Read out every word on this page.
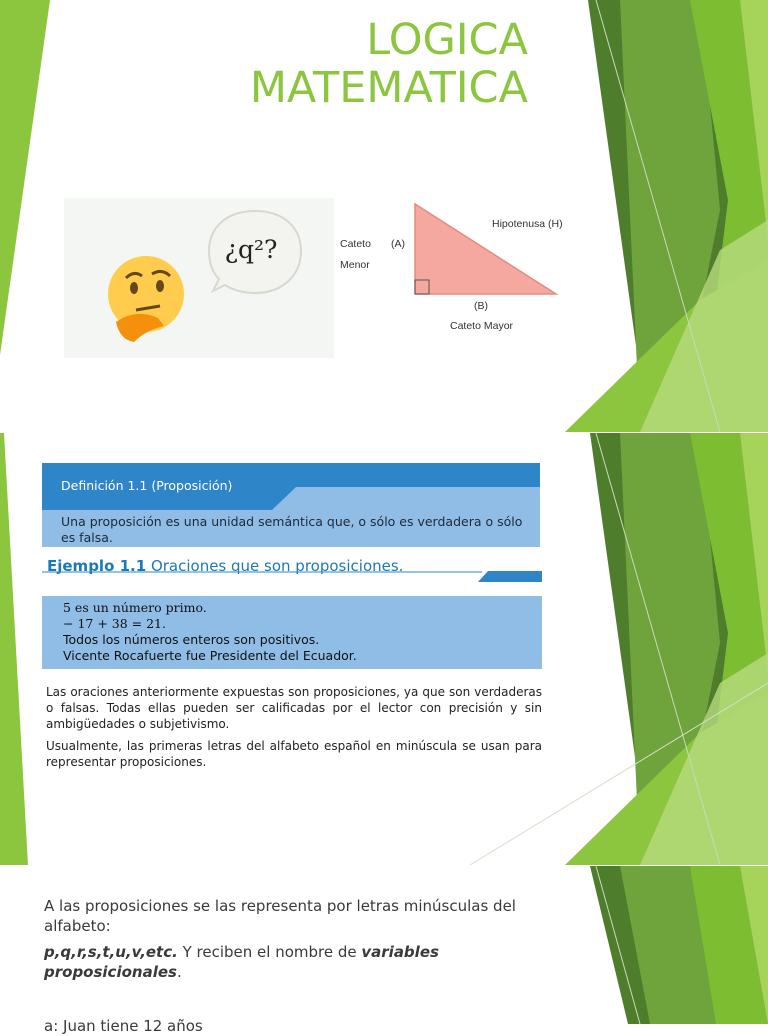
LOGICA
MATEMATICA
¿q²?
Hipotenusa (H)
Cateto
Menor
(A)
(B)
Cateto Mayor
Definición 1.1 (Proposición)
Una proposición es una unidad semántica que, o sólo es verdadera o sólo es falsa.
Ejemplo 1.1 Oraciones que son proposiciones.
5 es un número primo.
− 17 + 38 = 21.
Todos los números enteros son positivos.
Vicente Rocafuerte fue Presidente del Ecuador.
Las oraciones anteriormente expuestas son proposiciones, ya que son verdaderas o falsas. Todas ellas pueden ser calificadas por el lector con precisión y sin ambigüedades o subjetivismo.
Usualmente, las primeras letras del alfabeto español en minúscula se usan para representar proposiciones.
A las proposiciones se las representa por letras minúsculas del alfabeto:
p,q,r,s,t,u,v,etc. Y reciben el nombre de variables proposicionales.
a: Juan tiene 12 años
